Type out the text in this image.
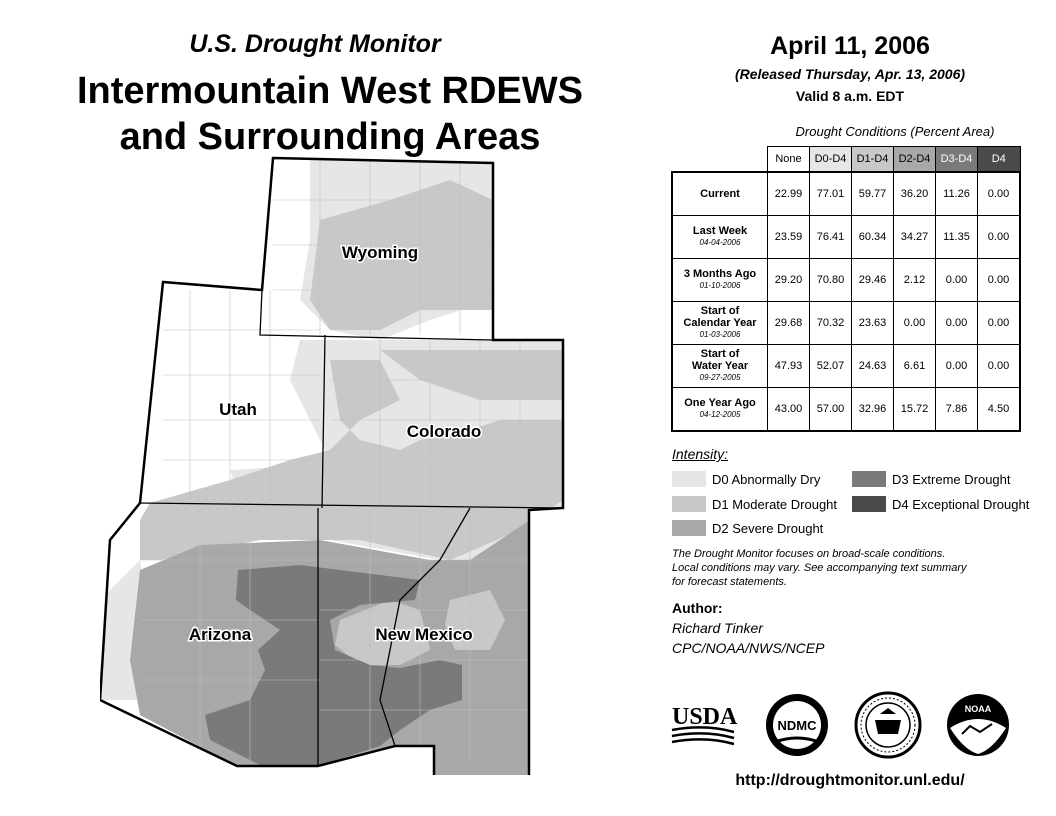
U.S. Drought Monitor
Intermountain West RDEWS
and Surrounding Areas
Wyoming
Utah
Colorado
Arizona	New Mexico
April 11, 2006
(Released Thursday, Apr. 13, 2006)
Valid 8 a.m. EDT
Drought Conditions (Percent Area)
	None	D0-D4	D1-D4	D2-D4	D3-D4	D4
Current	22.99	77.01	59.77	36.20	11.26	0.00
Last Week
04-04-2006	23.59	76.41	60.34	34.27	11.35	0.00
3 Months Ago
01-10-2006	29.20	70.80	29.46	2.12	0.00	0.00
Start of
Calendar Year
01-03-2006	29.68	70.32	23.63	0.00	0.00	0.00
Start of
Water Year
09-27-2005	47.93	52.07	24.63	6.61	0.00	0.00
One Year Ago
04-12-2005	43.00	57.00	32.96	15.72	7.86	4.50
Intensity:
D0 Abnormally Dry
D1 Moderate Drought
D2 Severe Drought
D3 Extreme Drought
D4 Exceptional Drought
The Drought Monitor focuses on broad-scale conditions.
Local conditions may vary. See accompanying text summary
for forecast statements.
Author:
Richard Tinker
CPC/NOAA/NWS/NCEP
USDA	NDMC
NOAA
http://droughtmonitor.unl.edu/
